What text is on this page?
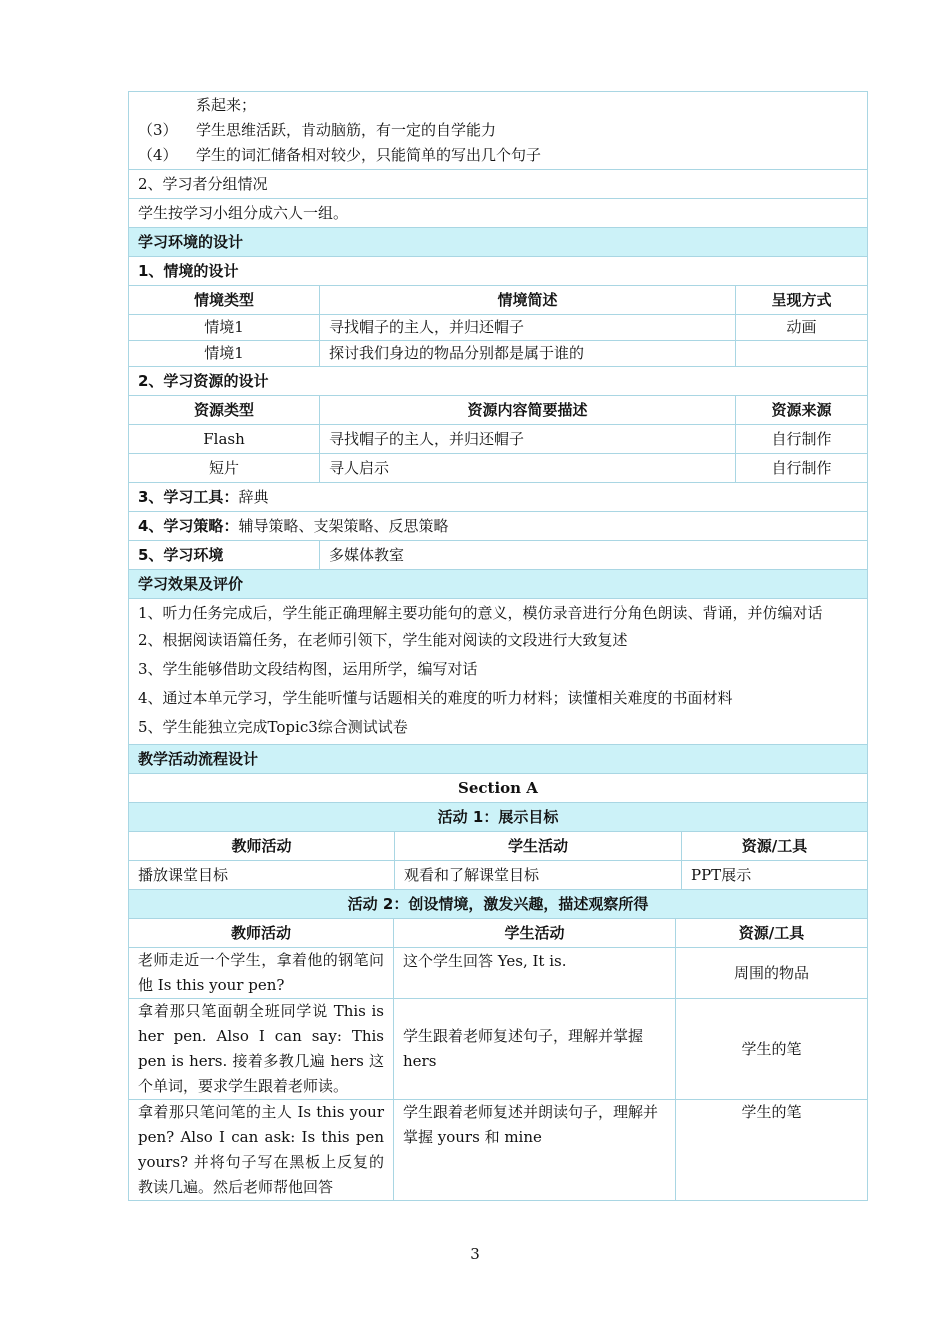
系起来；
（3） 学生思维活跃，肯动脑筋，有一定的自学能力
（4） 学生的词汇储备相对较少，只能简单的写出几个句子		

2、学习者分组情况		
学生按学习小组分成六人一组。		
学习环境的设计		
1、情境的设计		
情境类型	情境简述	呈现方式
情境1	寻找帽子的主人，并归还帽子	动画
情境1	探讨我们身边的物品分别都是属于谁的	
2、学习资源的设计		
资源类型	资源内容简要描述	资源来源
Flash	寻找帽子的主人，并归还帽子	自行制作
短片	寻人启示	自行制作
3、学习工具：辞典		
4、学习策略：辅导策略、支架策略、反思策略		
5、学习环境	多媒体教室	
学习效果及评价		

1、听力任务完成后，学生能正确理解主要功能句的意义，模仿录音进行分角色朗读、背诵，并仿编对话
2、根据阅读语篇任务，在老师引领下，学生能对阅读的文段进行大致复述
3、学生能够借助文段结构图，运用所学，编写对话
4、通过本单元学习，学生能听懂与话题相关的难度的听力材料；读懂相关难度的书面材料
5、学生能独立完成Topic3综合测试试卷		

教学活动流程设计		
Section A		
活动 1：展示目标		
教师活动	学生活动	资源/工具
播放课堂目标	观看和了解课堂目标	PPT展示
活动 2：创设情境，激发兴趣，描述观察所得		
教师活动	学生活动	资源/工具
老师走近一个学生，拿着他的钢笔问他 Is this your pen?	这个学生回答 Yes, It is.	周围的物品
拿着那只笔面朝全班同学说 This is her pen. Also I can say: This pen is hers. 接着多教几遍 hers 这个单词，要求学生跟着老师读。	学生跟着老师复述句子，理解并掌握 hers	学生的笔
拿着那只笔问笔的主人 Is this your pen? Also I can ask: Is this pen yours? 并将句子写在黑板上反复的教读几遍。然后老师帮他回答	学生跟着老师复述并朗读句子，理解并掌握 yours 和 mine	学生的笔
3
